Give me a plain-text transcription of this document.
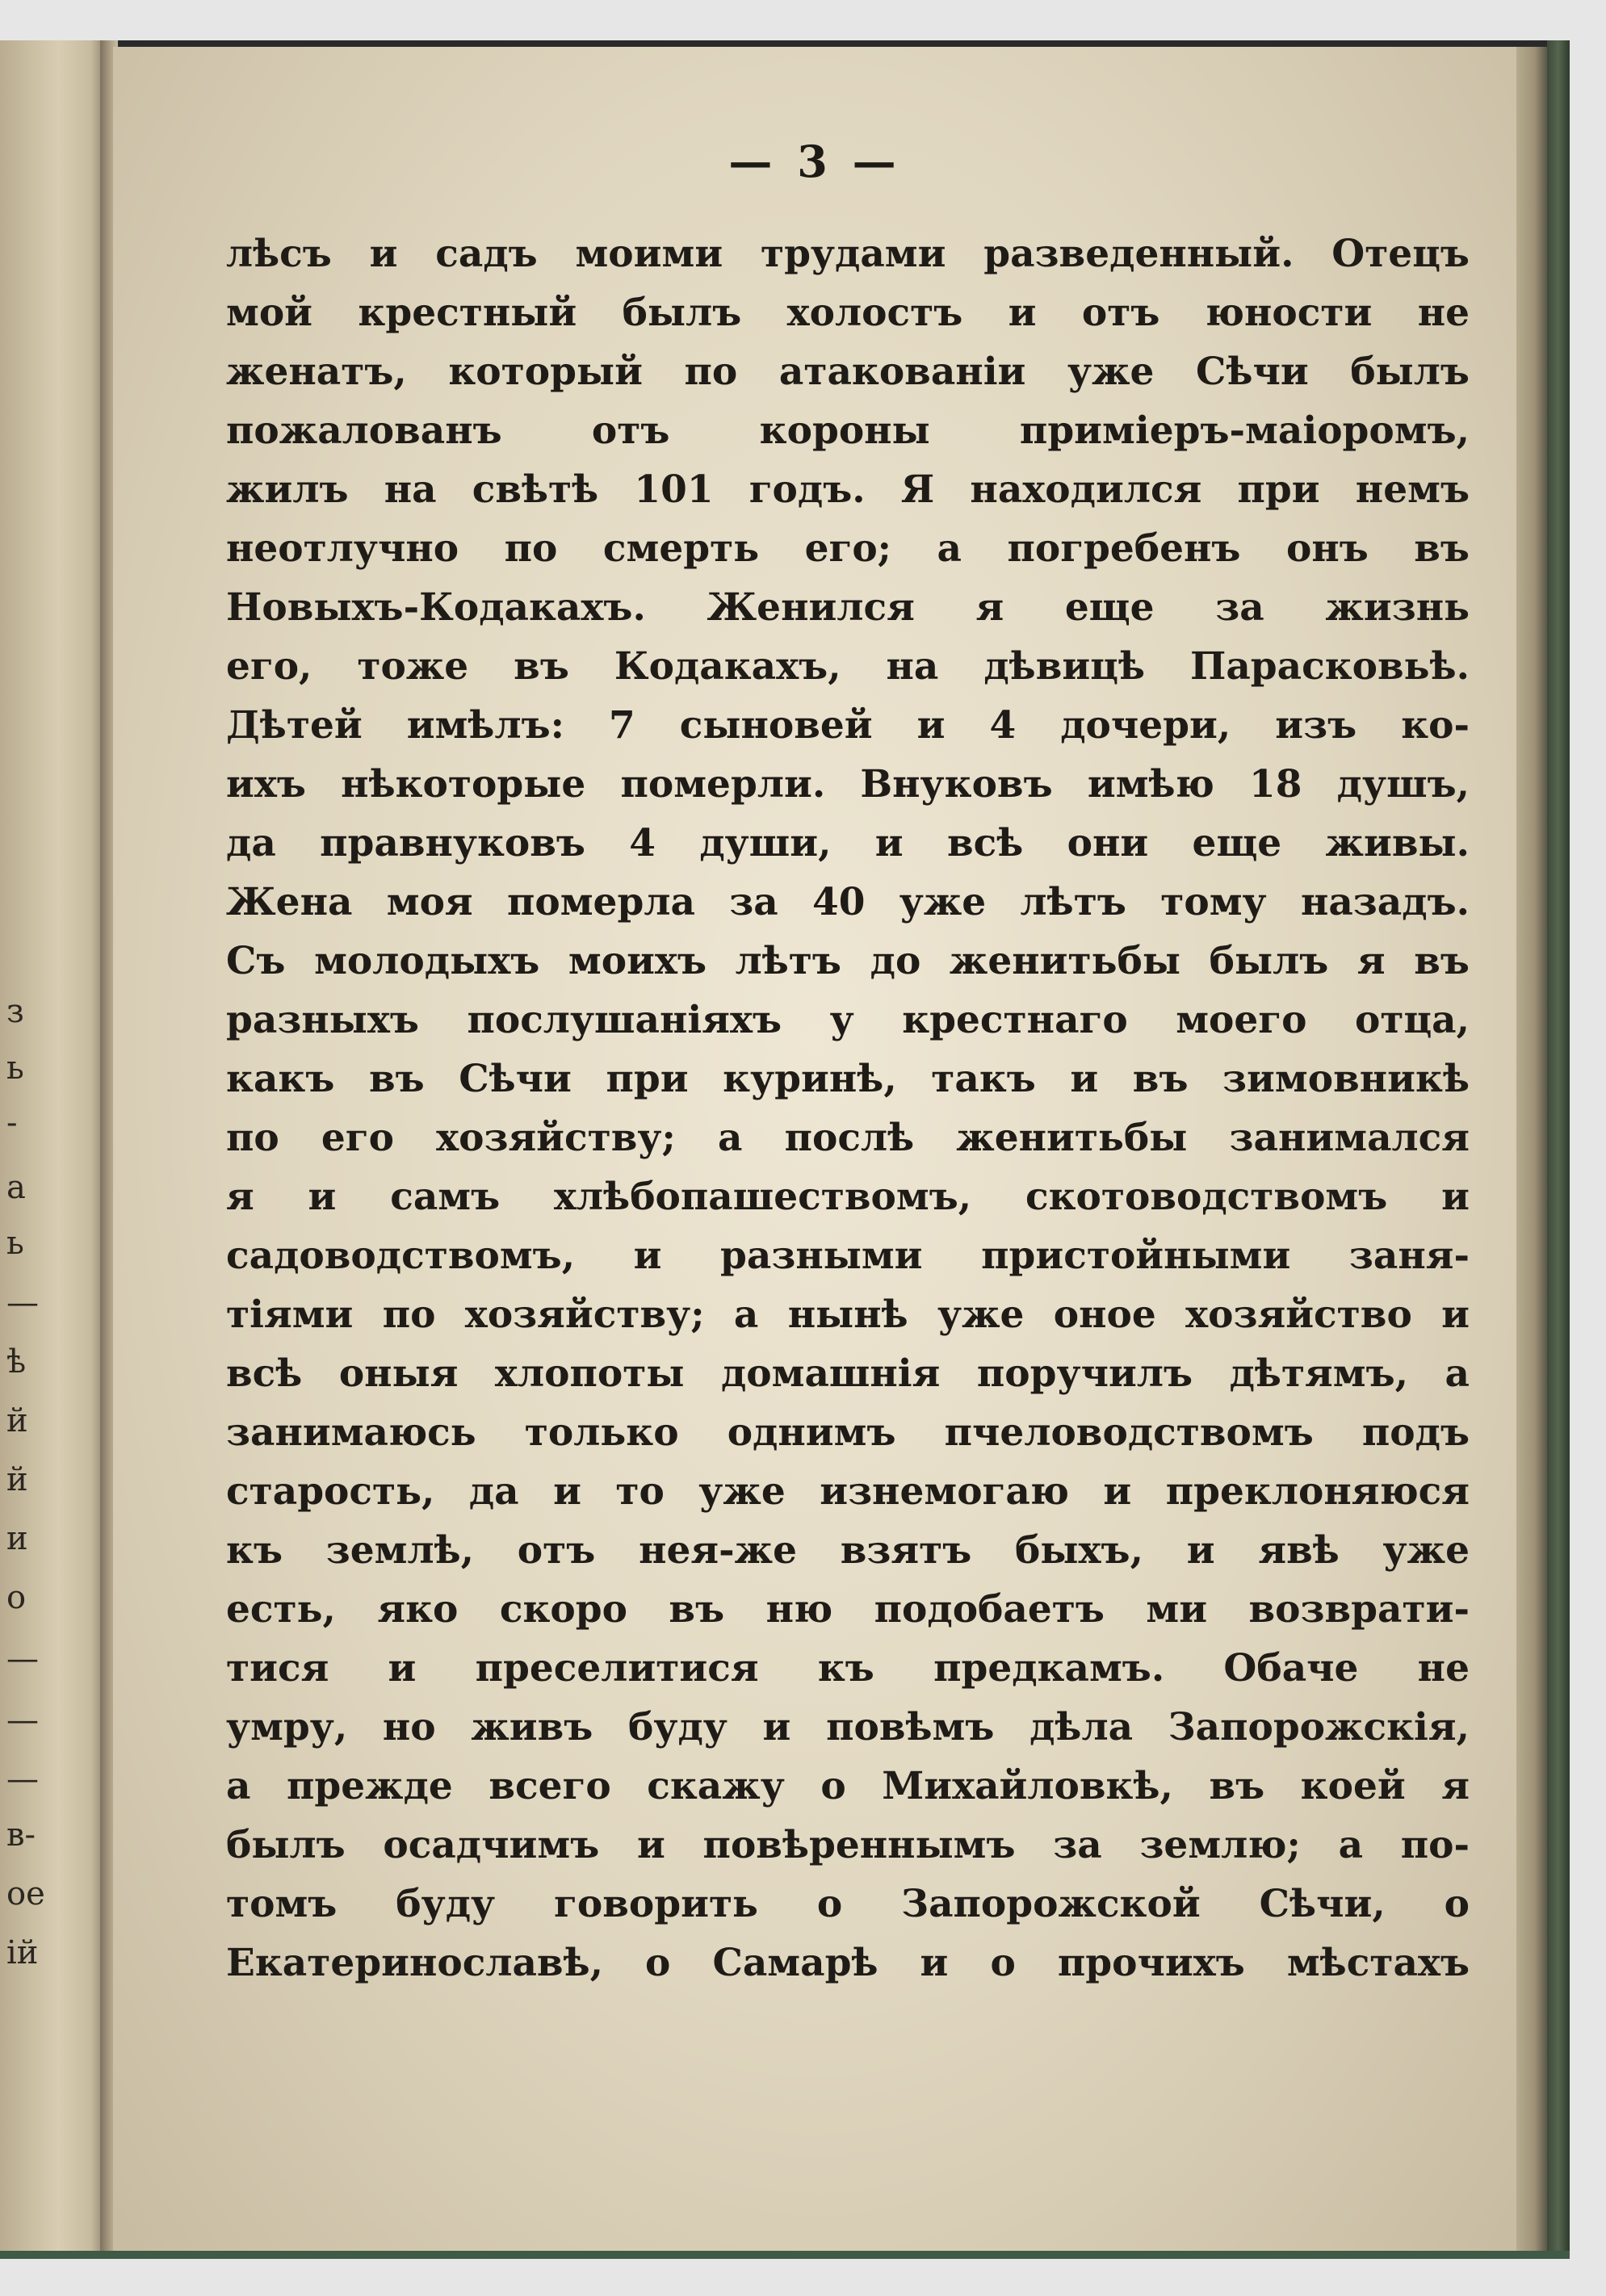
з
ь
-
а
ь
—
ѣ
й
й
и
о
—
—
—
в-
ое
ій
— 3 —
лѣсъ и садъ моими трудами разведенный. Отецъ
мой крестный былъ холостъ и отъ юности не
женатъ, который по атакованіи уже Сѣчи былъ
пожалованъ отъ короны приміеръ-маіоромъ,
жилъ на свѣтѣ 101 годъ. Я находился при немъ
неотлучно по смерть его; а погребенъ онъ въ
Новыхъ-Кодакахъ. Женился я еще за жизнь
его, тоже въ Кодакахъ, на дѣвицѣ Парасковьѣ.
Дѣтей имѣлъ: 7 сыновей и 4 дочери, изъ ко-
ихъ нѣкоторые померли. Внуковъ имѣю 18 душъ,
да правнуковъ 4 души, и всѣ они еще живы.
Жена моя померла за 40 уже лѣтъ тому назадъ.
Съ молодыхъ моихъ лѣтъ до женитьбы былъ я въ
разныхъ послушаніяхъ у крестнаго моего отца,
какъ въ Сѣчи при куринѣ, такъ и въ зимовникѣ
по его хозяйству; а послѣ женитьбы занимался
я и самъ хлѣбопашествомъ, скотоводствомъ и
садоводствомъ, и разными пристойными заня-
тіями по хозяйству; а нынѣ уже оное хозяйство и
всѣ оныя хлопоты домашнія поручилъ дѣтямъ, а
занимаюсь только однимъ пчеловодствомъ подъ
старость, да и то уже изнемогаю и преклоняюся
къ землѣ, отъ нея-же взятъ быхъ, и явѣ уже
есть, яко скоро въ ню подобаетъ ми возврати-
тися и преселитися къ предкамъ. Обаче не
умру, но живъ буду и повѣмъ дѣла Запорожскія,
а прежде всего скажу о Михайловкѣ, въ коей я
былъ осадчимъ и повѣреннымъ за землю; а по-
томъ буду говорить о Запорожской Сѣчи, о
Екатеринославѣ, о Самарѣ и о прочихъ мѣстахъ
